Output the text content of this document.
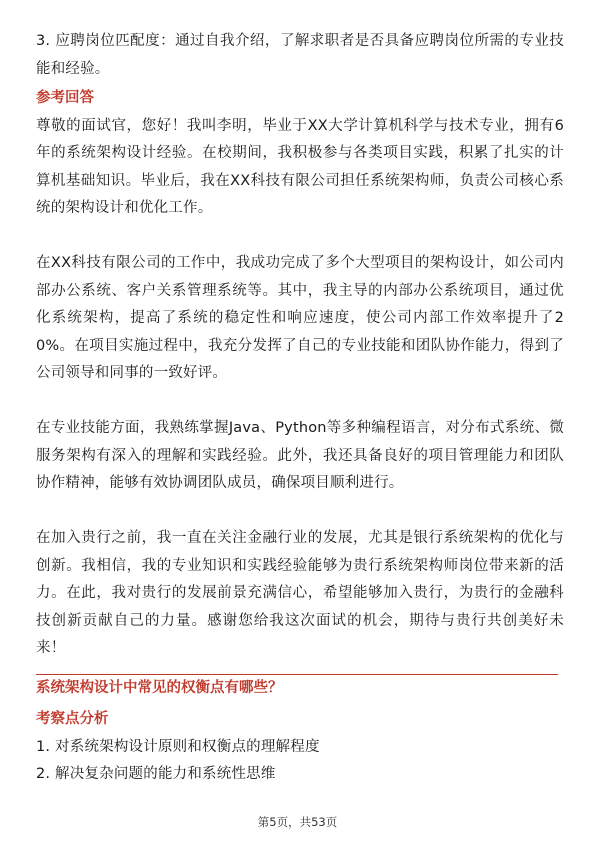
3. 应聘岗位匹配度：通过自我介绍，了解求职者是否具备应聘岗位所需的专业技能和经验。

参考回答

尊敬的面试官，您好！我叫李明，毕业于XX大学计算机科学与技术专业，拥有6年的系统架构设计经验。在校期间，我积极参与各类项目实践，积累了扎实的计算机基础知识。毕业后，我在XX科技有限公司担任系统架构师，负责公司核心系统的架构设计和优化工作。

在XX科技有限公司的工作中，我成功完成了多个大型项目的架构设计，如公司内部办公系统、客户关系管理系统等。其中，我主导的内部办公系统项目，通过优化系统架构，提高了系统的稳定性和响应速度，使公司内部工作效率提升了20%。在项目实施过程中，我充分发挥了自己的专业技能和团队协作能力，得到了公司领导和同事的一致好评。

在专业技能方面，我熟练掌握Java、Python等多种编程语言，对分布式系统、微服务架构有深入的理解和实践经验。此外，我还具备良好的项目管理能力和团队协作精神，能够有效协调团队成员，确保项目顺利进行。

在加入贵行之前，我一直在关注金融行业的发展，尤其是银行系统架构的优化与创新。我相信，我的专业知识和实践经验能够为贵行系统架构师岗位带来新的活力。在此，我对贵行的发展前景充满信心，希望能够加入贵行，为贵行的金融科技创新贡献自己的力量。感谢您给我这次面试的机会，期待与贵行共创美好未来！

系统架构设计中常见的权衡点有哪些？

考察点分析

1. 对系统架构设计原则和权衡点的理解程度

2. 解决复杂问题的能力和系统性思维

第5页，共53页
